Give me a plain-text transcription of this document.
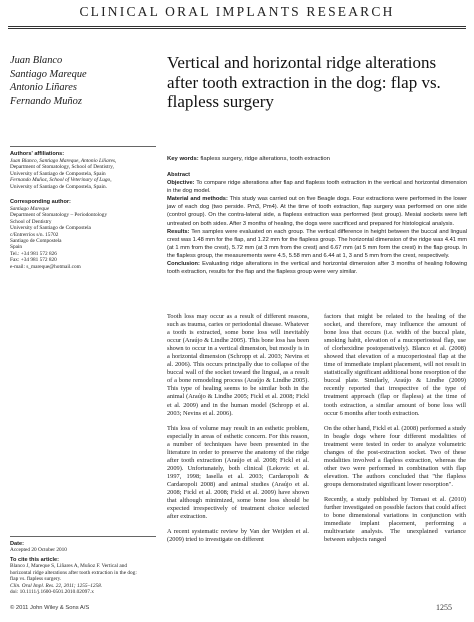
CLINICAL ORAL IMPLANTS RESEARCH
Juan Blanco
Santiago Mareque
Antonio Liñares
Fernando Muñoz
Vertical and horizontal ridge alterations after tooth extraction in the dog: flap vs. flapless surgery
Authors' affiliations:
Juan Blanco, Santiago Mareque, Antonio Liñares,
Department of Stomatology, School of Dentistry,
University of Santiago de Compostela, Spain
Fernando Muñoz, School of Veterinary of Lugo,
University of Santiago de Compostela, Spain.
Corresponding author:
Santiago Mareque
Department of Stomatology – Periodontology
School of Dentistry
University of Santiago de Compostela
c/Entrerríos s/n. 15702
Santiago de Compostela
Spain
Tel.: +34 981 572 826
Fax: +34 981 572 820
e-mail: s_mareque@hotmail.com
Date:
Accepted 20 October 2010
To cite this article:
Blanco J, Mareque S, Liñares A, Muñoz F. Vertical and
horizontal ridge alterations after tooth extraction in the dog:
flap vs. flapless surgery.
Clin. Oral Impl. Res. 22, 2011; 1255–1258.
doi: 10.1111/j.1600-0501.2010.02097.x
Key words: flapless surgery, ridge alterations, tooth extraction
Abstract

Objective: To compare ridge alterations after flap and flapless tooth extraction in the vertical and horizontal dimension in the dog model.

Material and methods: This study was carried out on five Beagle dogs. Four extractions were performed in the lower jaw of each dog (two perside. Pm3, Pm4). At the time of tooth extraction, flap surgery was performed on one side (control group). On the contra-lateral side, a flapless extraction was performed (test group). Mesial sockets were left untreated on both sides. After 3 months of healing, the dogs were sacrificed and prepared for histological analysis.

Results: Ten samples were evaluated on each group. The vertical difference in height between the buccal and lingual crest was 1.48 mm for the flap, and 1.22 mm for the flapless group. The horizontal dimension of the ridge was 4.41 mm (at 1 mm from the crest), 5.72 mm (at 3 mm from the crest) and 6.67 mm (at 5 mm form the crest) in the flap group. In the flapless group, the measurements were 4.5, 5.58 mm and 6.44 at 1, 3 and 5 mm from the crest, respectively.

Conclusion: Evaluating ridge alterations in the vertical and horizontal dimension after 3 months of healing following tooth extraction, results for the flap and the flapless group were very similar.

Tooth loss may occur as a result of different reasons, such as trauma, caries or periodontal disease. Whatever a tooth is extracted, some bone loss will inevitably occur (Araújo & Lindhe 2005). This bone loss has been shown to occur in a vertical dimension, but mostly is in a horizontal dimension (Schropp et al. 2003; Nevins et al. 2006). This occurs principally due to collapse of the buccal wall of the socket toward the lingual, as a result of a bone remodeling process (Araújo & Lindhe 2005). This type of healing seems to be similar both in the animal (Araújo & Lindhe 2005; Fickl et al. 2008; Fickl et al. 2009) and in the human model (Schropp et al. 2003; Nevins et al. 2006).

This loss of volume may result in an esthetic problem, especially in areas of esthetic concern. For this reason, a number of techniques have been presented in the literature in order to preserve the anatomy of the ridge after tooth extraction (Araújo et al. 2008; Fickl et al. 2009). Unfortunately, both clinical (Lekovic et al. 1997, 1998; Iasella et al. 2003; Cardaropoli & Cardaropoli 2008) and animal studies (Araújo et al. 2008; Fickl et al. 2008; Fickl et al. 2009) have shown that although minimized, some bone loss should be expected irrespectively of treatment choice selected after extraction.

A recent systematic review by Van der Weijden et al. (2009) tried to investigate on different

factors that might be related to the healing of the socket, and therefore, may influence the amount of bone loss that occurs (i.e. width of the buccal plate, smoking habit, elevation of a mucoperiosteal flap, use of clorhexidine postoperatively). Blanco et al. (2008) showed that elevation of a mucoperiosteal flap at the time of immediate implant placement, will not result in statistically significant additional bone resorption of the buccal plate. Similarly, Araújo & Lindhe (2009) recently reported that irrespective of the type of treatment approach (flap or flapless) at the time of tooth extraction, a similar amount of bone loss will occur 6 months after tooth extraction.

On the other hand, Fickl et al. (2008) performed a study in beagle dogs where four different modalities of treatment were tested in order to analyze volumetric changes of the post-extraction socket. Two of these modalities involved a flapless extraction, whereas the other two were performed in combination with flap elevation. The authors concluded that "the flapless groups demonstrated significant lower resorption".

Recently, a study published by Tomasi et al. (2010) further investigated on possible factors that could affect to bone dimensional variations in conjunction with immediate implant placement, performing a multivariate analysis. The unexplained variance between subjects ranged

© 2011 John Wiley & Sons A/S	1255
